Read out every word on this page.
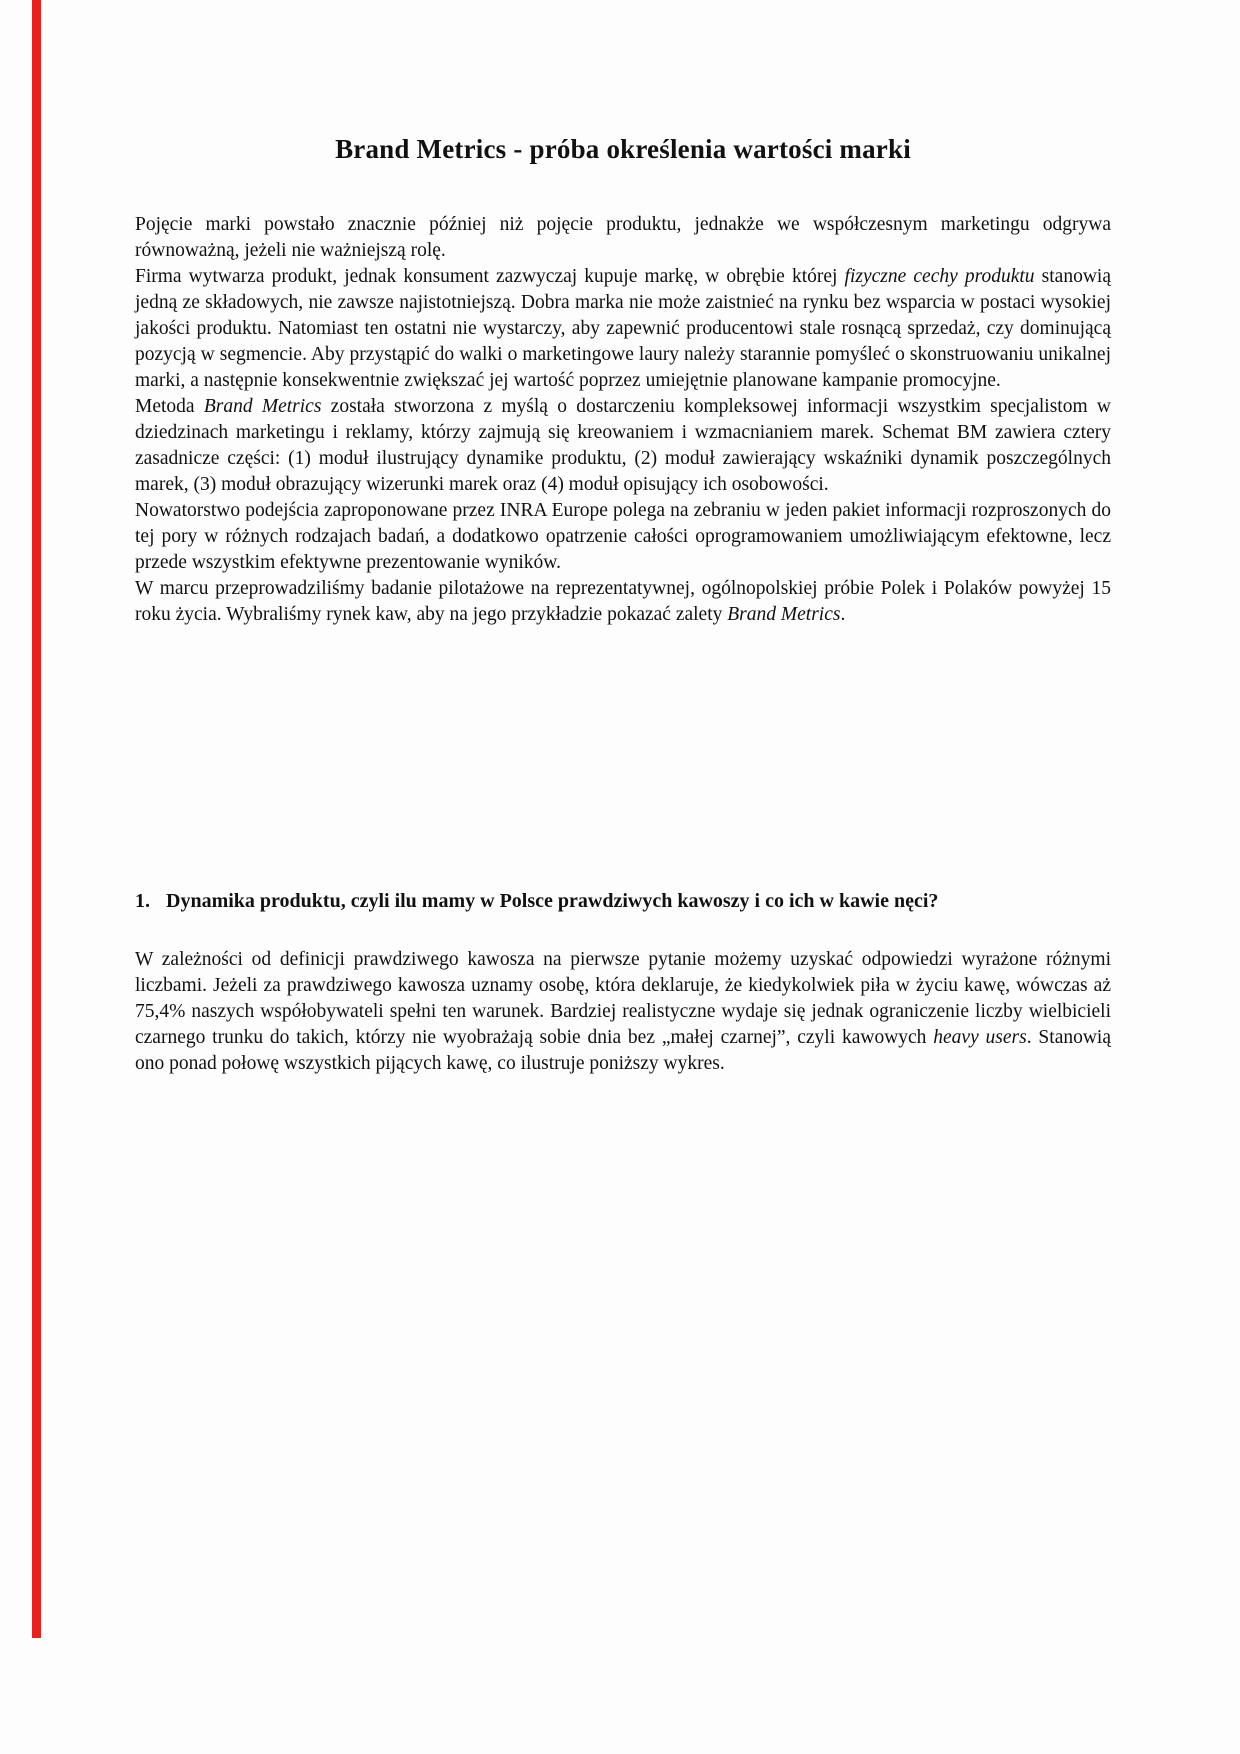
Brand Metrics - próba określenia wartości marki

Pojęcie marki powstało znacznie później niż pojęcie produktu, jednakże we współczesnym marketingu odgrywa równoważną, jeżeli nie ważniejszą rolę.

Firma wytwarza produkt, jednak konsument zazwyczaj kupuje markę, w obrębie której fizyczne cechy produktu stanowią jedną ze składowych, nie zawsze najistotniejszą. Dobra marka nie może zaistnieć na rynku bez wsparcia w postaci wysokiej jakości produktu. Natomiast ten ostatni nie wystarczy, aby zapewnić producentowi stale rosnącą sprzedaż, czy dominującą pozycją w segmencie. Aby przystąpić do walki o marketingowe laury należy starannie pomyśleć o skonstruowaniu unikalnej marki, a następnie konsekwentnie zwiększać jej wartość poprzez umiejętnie planowane kampanie promocyjne.

Metoda Brand Metrics została stworzona z myślą o dostarczeniu kompleksowej informacji wszystkim specjalistom w dziedzinach marketingu i reklamy, którzy zajmują się kreowaniem i wzmacnianiem marek. Schemat BM zawiera cztery zasadnicze części: (1) moduł ilustrujący dynamike produktu, (2) moduł zawierający wskaźniki dynamik poszczególnych marek, (3) moduł obrazujący wizerunki marek oraz (4) moduł opisujący ich osobowości.

Nowatorstwo podejścia zaproponowane przez INRA Europe polega na zebraniu w jeden pakiet informacji rozproszonych do tej pory w różnych rodzajach badań, a dodatkowo opatrzenie całości oprogramowaniem umożliwiającym efektowne, lecz przede wszystkim efektywne prezentowanie wyników.

W marcu przeprowadziliśmy badanie pilotażowe na reprezentatywnej, ogólnopolskiej próbie Polek i Polaków powyżej 15 roku życia. Wybraliśmy rynek kaw, aby na jego przykładzie pokazać zalety Brand Metrics.

1. Dynamika produktu, czyli ilu mamy w Polsce prawdziwych kawoszy i co ich w kawie nęci?

W zależności od definicji prawdziwego kawosza na pierwsze pytanie możemy uzyskać odpowiedzi wyrażone różnymi liczbami. Jeżeli za prawdziwego kawosza uznamy osobę, która deklaruje, że kiedykolwiek piła w życiu kawę, wówczas aż 75,4% naszych współobywateli spełni ten warunek. Bardziej realistyczne wydaje się jednak ograniczenie liczby wielbicieli czarnego trunku do takich, którzy nie wyobrażają sobie dnia bez „małej czarnej”, czyli kawowych heavy users. Stanowią ono ponad połowę wszystkich pijących kawę, co ilustruje poniższy wykres.
